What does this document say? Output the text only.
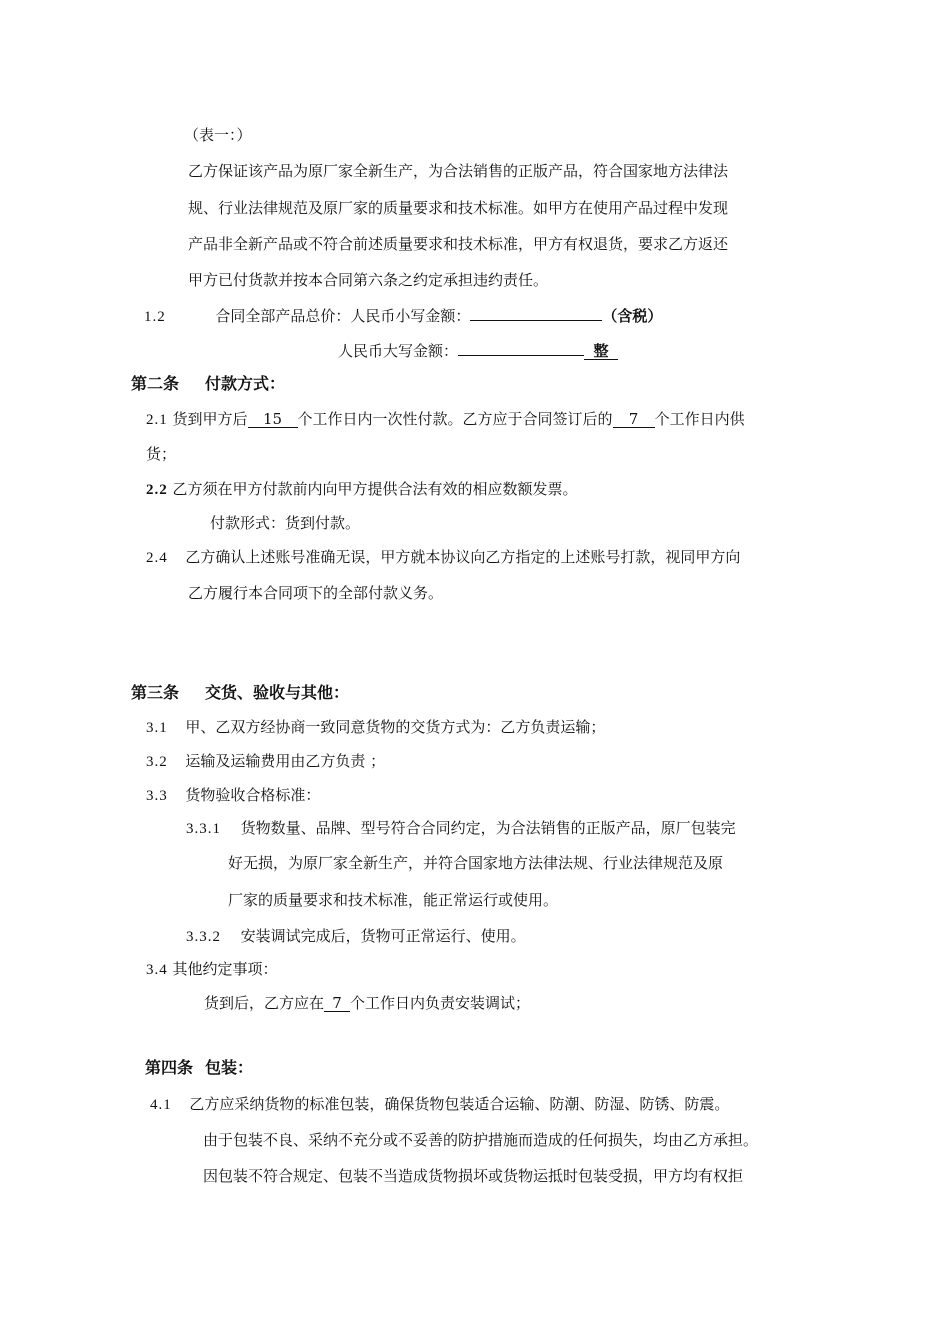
（表一：）
乙方保证该产品为原厂家全新生产，为合法销售的正版产品，符合国家地方法律法
规、行业法律规范及原厂家的质量要求和技术标准。如甲方在使用产品过程中发现
产品非全新产品或不符合前述质量要求和技术标准，甲方有权退货，要求乙方返还
甲方已付货款并按本合同第六条之约定承担违约责任。
1.2	合同全部产品总价：人民币小写金额：	（含税）
人民币大写金额：	整
第二条 付款方式：
2.1 货到甲方后 15 个工作日内一次性付款。乙方应于合同签订后的 7 个工作日内供
货；
2.2 乙方须在甲方付款前内向甲方提供合法有效的相应数额发票。
付款形式：货到付款。
2.4 乙方确认上述账号准确无误，甲方就本协议向乙方指定的上述账号打款，视同甲方向
乙方履行本合同项下的全部付款义务。
第三条 交货、验收与其他：
3.1 甲、乙双方经协商一致同意货物的交货方式为：乙方负责运输；
3.2 运输及运输费用由乙方负责 ；
3.3 货物验收合格标准：
3.3.1 货物数量、品牌、型号符合合同约定，为合法销售的正版产品，原厂包装完
好无损，为原厂家全新生产，并符合国家地方法律法规、行业法律规范及原
厂家的质量要求和技术标准，能正常运行或使用。
3.3.2 安装调试完成后，货物可正常运行、使用。
3.4 其他约定事项：
货到后，乙方应在 7 个工作日内负责安装调试；
第四条 包装：
4.1 乙方应采纳货物的标准包装，确保货物包装适合运输、防潮、防湿、防锈、防震。
由于包装不良、采纳不充分或不妥善的防护措施而造成的任何损失，均由乙方承担。
因包装不符合规定、包装不当造成货物损坏或货物运抵时包装受损，甲方均有权拒
